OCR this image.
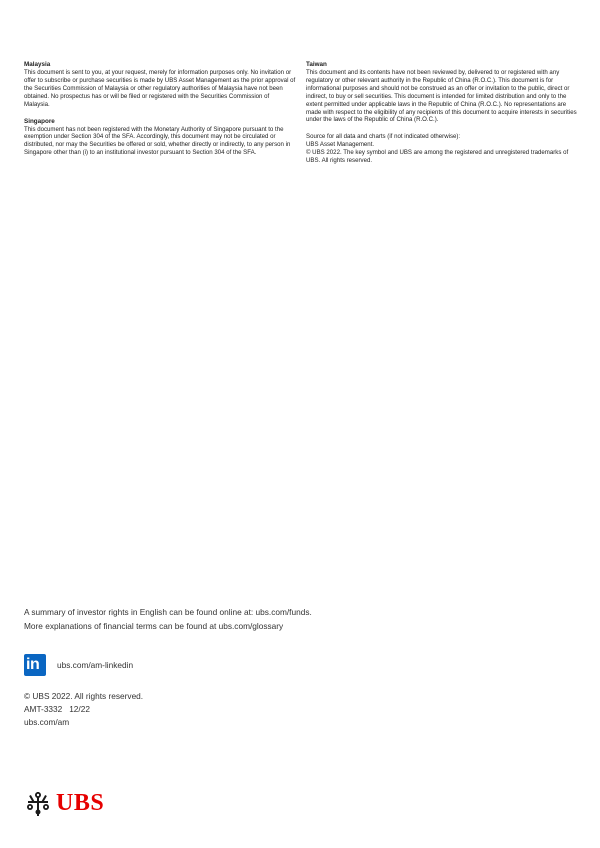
Malaysia

This document is sent to you, at your request, merely for information purposes only. No invitation or offer to subscribe or purchase securities is made by UBS Asset Management as the prior approval of the Securities Commission of Malaysia or other regulatory authorities of Malaysia have not been obtained. No prospectus has or will be filed or registered with the Securities Commission of Malaysia.

Singapore

This document has not been registered with the Monetary Authority of Singapore pursuant to the exemption under Section 304 of the SFA. Accordingly, this document may not be circulated or distributed, nor may the Securities be offered or sold, whether directly or indirectly, to any person in Singapore other than (i) to an institutional investor pursuant to Section 304 of the SFA.

Taiwan

This document and its contents have not been reviewed by, delivered to or registered with any regulatory or other relevant authority in the Republic of China (R.O.C.). This document is for informational purposes and should not be construed as an offer or invitation to the public, direct or indirect, to buy or sell securities. This document is intended for limited distribution and only to the extent permitted under applicable laws in the Republic of China (R.O.C.). No representations are made with respect to the eligibility of any recipients of this document to acquire interests in securities under the laws of the Republic of China (R.O.C.).

Source for all data and charts (if not indicated otherwise):

UBS Asset Management.

© UBS 2022. The key symbol and UBS are among the registered and unregistered trademarks of UBS. All rights reserved.

A summary of investor rights in English can be found online at: ubs.com/funds.

More explanations of financial terms can be found at ubs.com/glossary

in ubs.com/am-linkedin

© UBS 2022. All rights reserved.

AMT-3332   12/22

ubs.com/am

UBS
